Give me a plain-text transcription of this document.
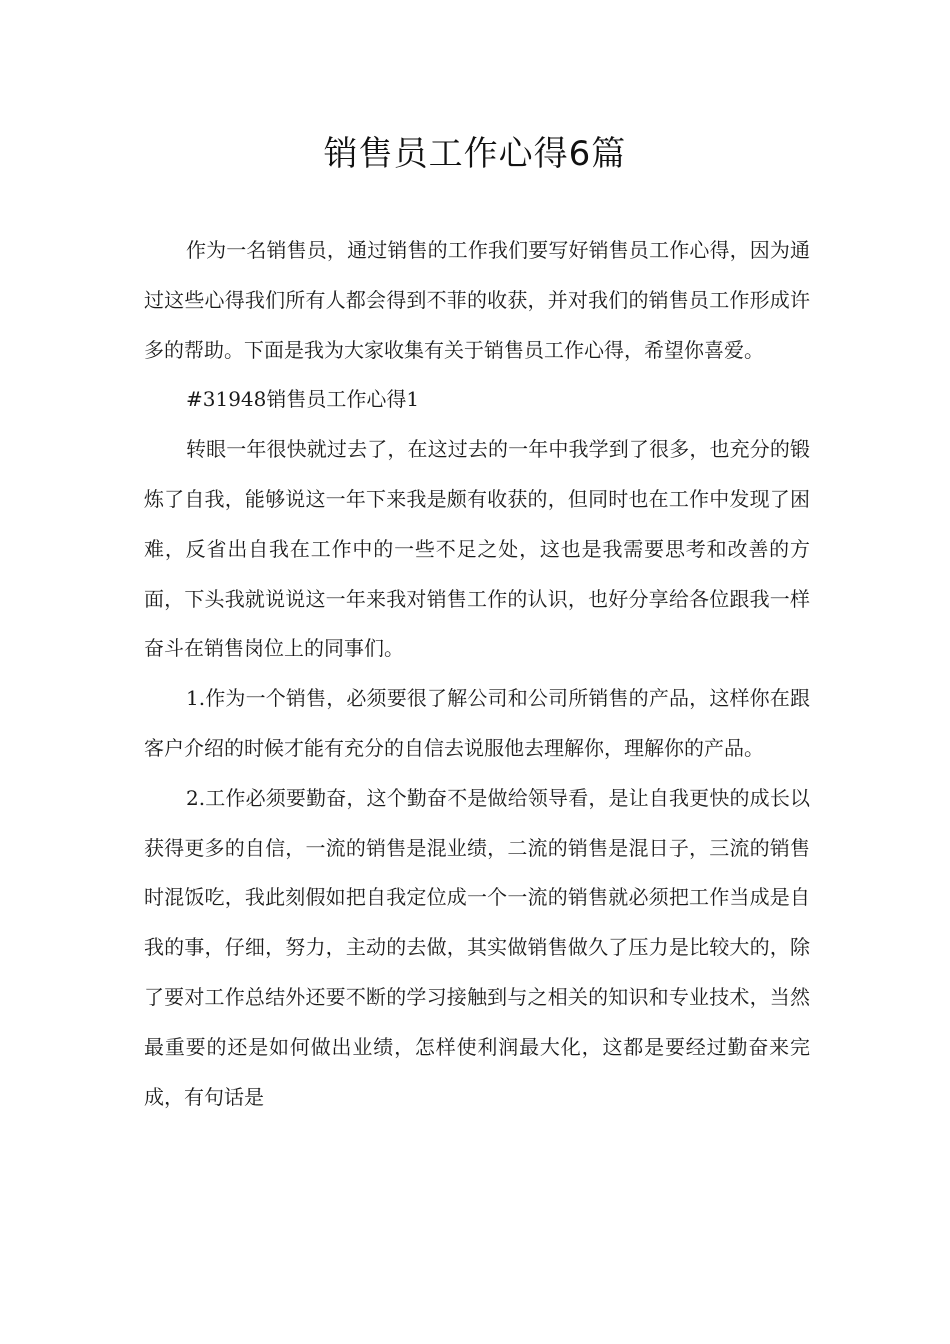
销售员工作心得6篇

作为一名销售员，通过销售的工作我们要写好销售员工作心得，因为通过这些心得我们所有人都会得到不菲的收获，并对我们的销售员工作形成许多的帮助。下面是我为大家收集有关于销售员工作心得，希望你喜爱。

#31948销售员工作心得1

转眼一年很快就过去了，在这过去的一年中我学到了很多，也充分的锻炼了自我，能够说这一年下来我是颇有收获的，但同时也在工作中发现了困难，反省出自我在工作中的一些不足之处，这也是我需要思考和改善的方面，下头我就说说这一年来我对销售工作的认识，也好分享给各位跟我一样奋斗在销售岗位上的同事们。

1.作为一个销售，必须要很了解公司和公司所销售的产品，这样你在跟客户介绍的时候才能有充分的自信去说服他去理解你，理解你的产品。

2.工作必须要勤奋，这个勤奋不是做给领导看，是让自我更快的成长以获得更多的自信，一流的销售是混业绩，二流的销售是混日子，三流的销售时混饭吃，我此刻假如把自我定位成一个一流的销售就必须把工作当成是自我的事，仔细，努力，主动的去做，其实做销售做久了压力是比较大的，除了要对工作总结外还要不断的学习接触到与之相关的知识和专业技术，当然最重要的还是如何做出业绩，怎样使利润最大化，这都是要经过勤奋来完成，有句话是
